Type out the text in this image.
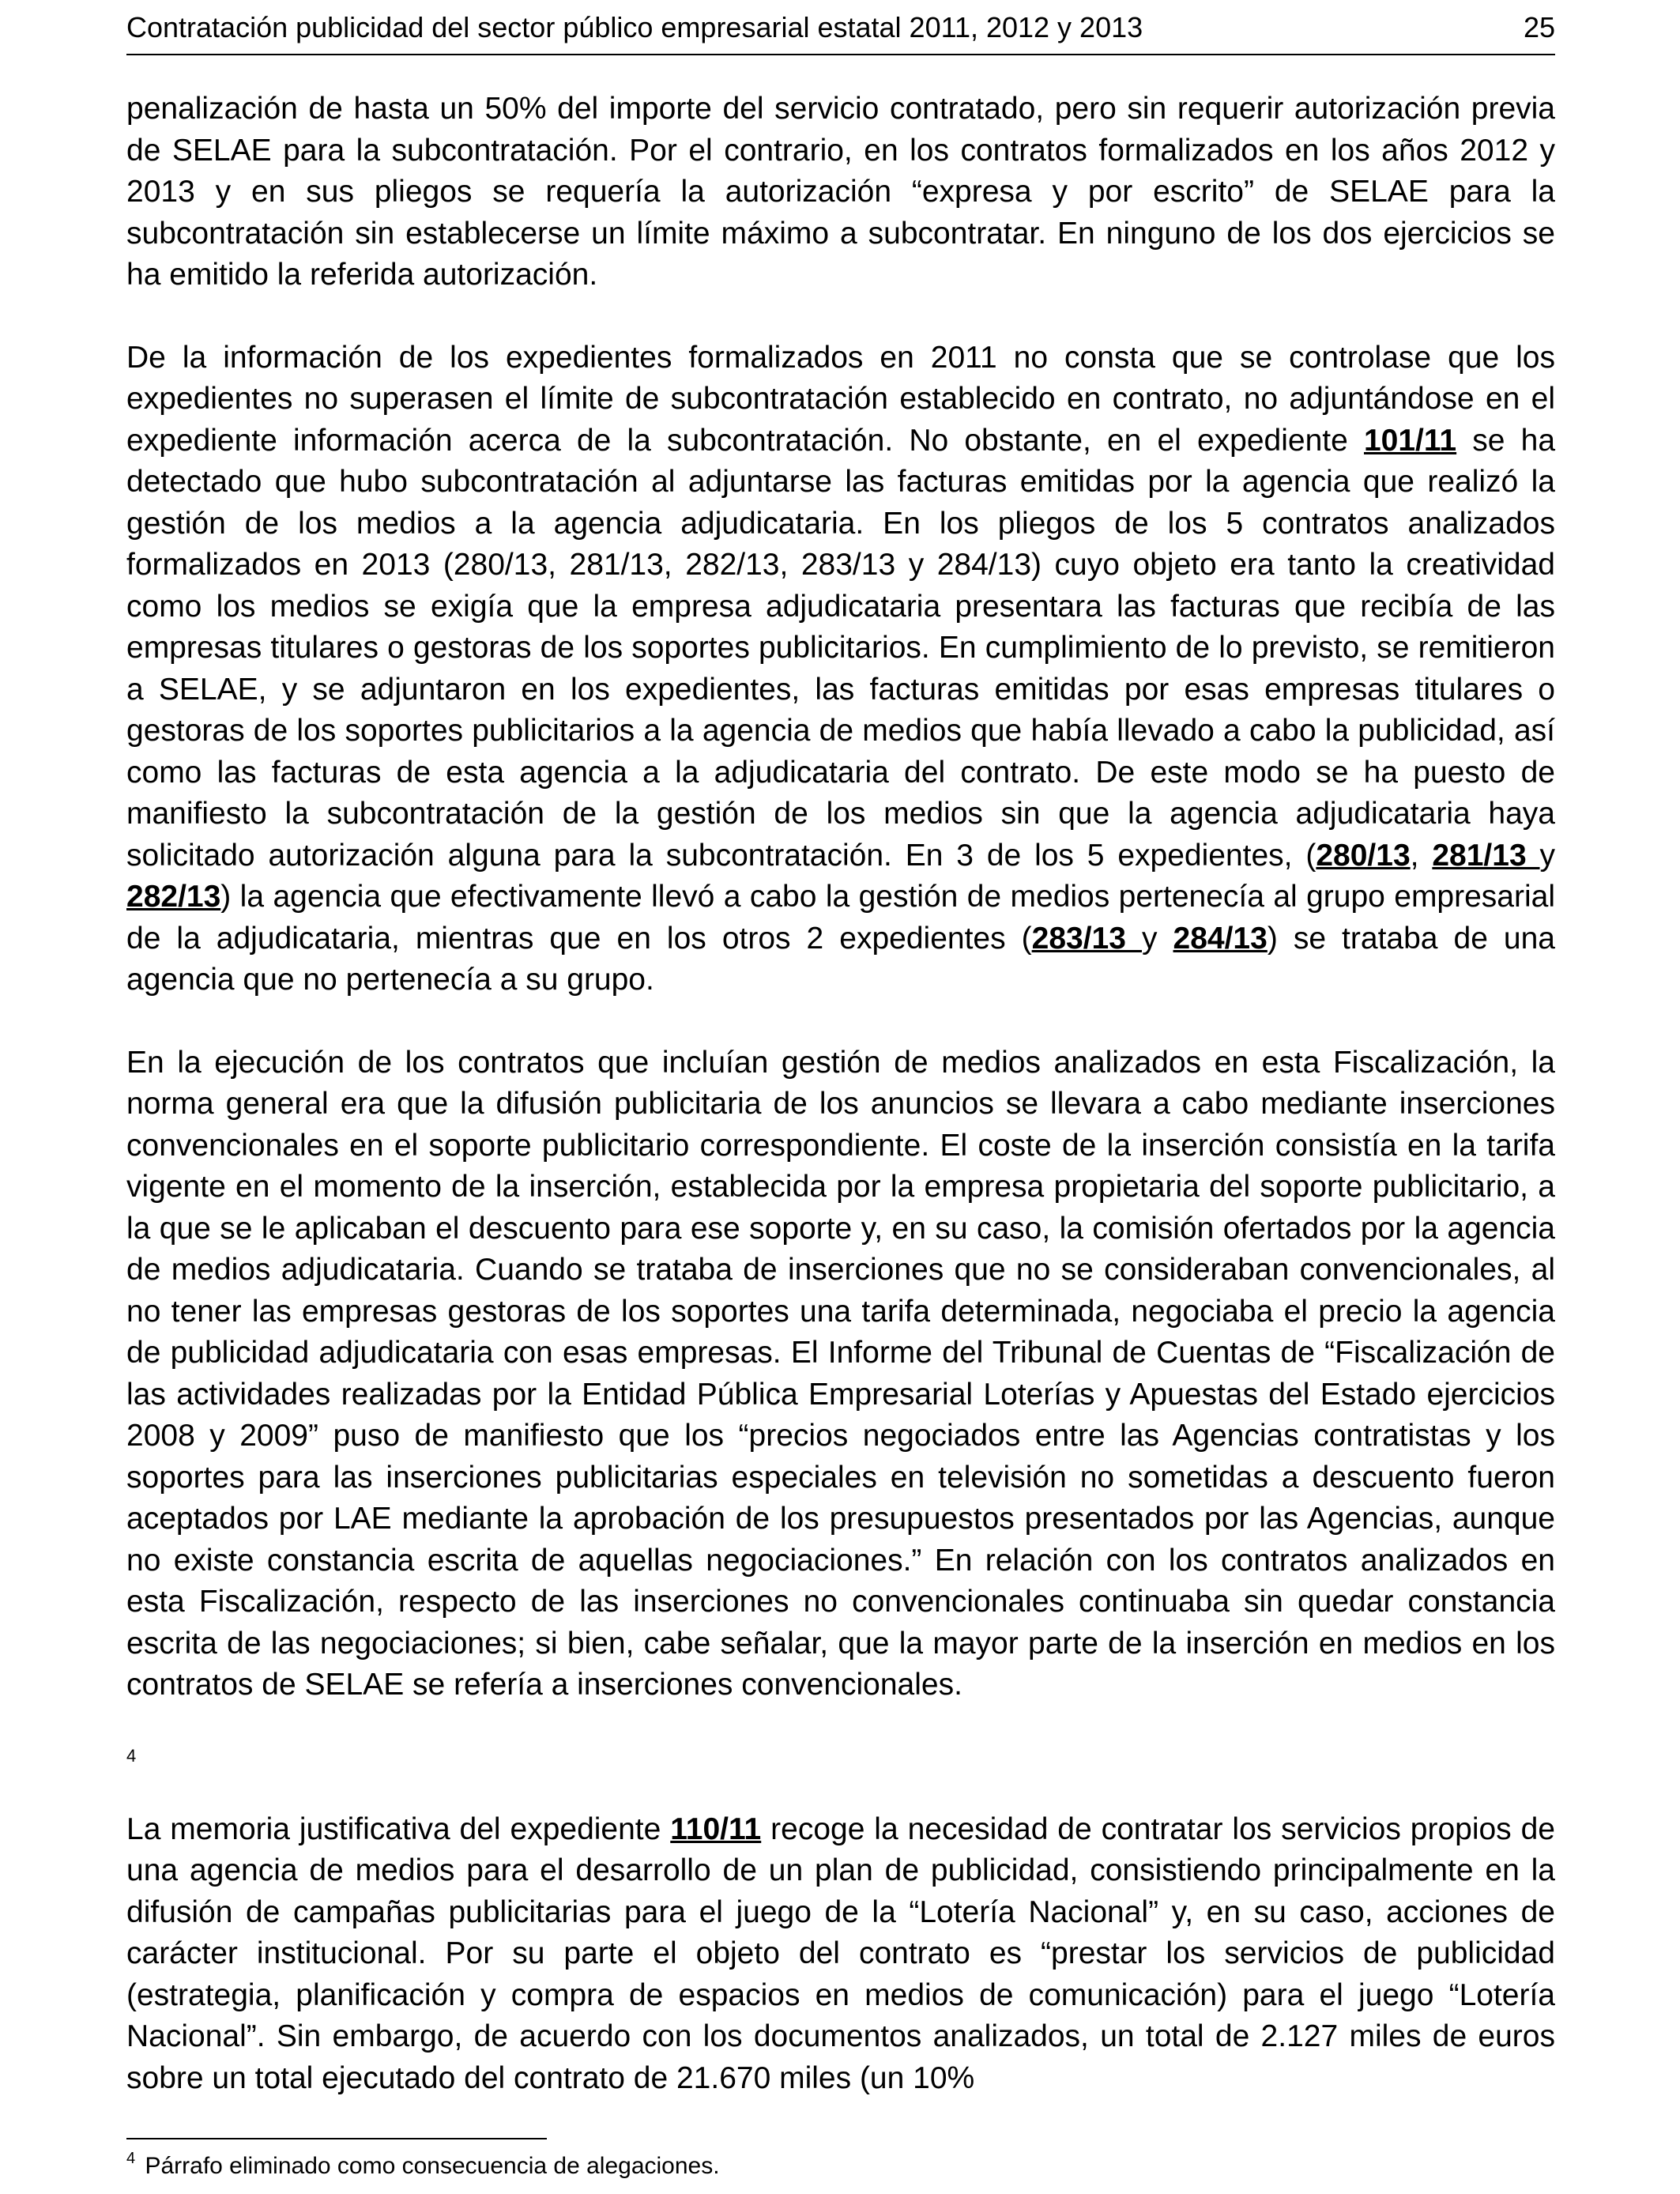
Contratación publicidad del sector público empresarial estatal 2011, 2012 y 2013	25

penalización de hasta un 50% del importe del servicio contratado, pero sin requerir autorización previa de SELAE para la subcontratación. Por el contrario, en los contratos formalizados en los años 2012 y 2013 y en sus pliegos se requería la autorización “expresa y por escrito” de SELAE para la subcontratación sin establecerse un límite máximo a subcontratar. En ninguno de los dos ejercicios se ha emitido la referida autorización.

De la información de los expedientes formalizados en 2011 no consta que se controlase que los expedientes no superasen el límite de subcontratación establecido en contrato, no adjuntándose en el expediente información acerca de la subcontratación. No obstante, en el expediente 101/11 se ha detectado que hubo subcontratación al adjuntarse las facturas emitidas por la agencia que realizó la gestión de los medios a la agencia adjudicataria. En los pliegos de los 5 contratos analizados formalizados en 2013 (280/13, 281/13, 282/13, 283/13 y 284/13) cuyo objeto era tanto la creatividad como los medios se exigía que la empresa adjudicataria presentara las facturas que recibía de las empresas titulares o gestoras de los soportes publicitarios. En cumplimiento de lo previsto, se remitieron a SELAE, y se adjuntaron en los expedientes, las facturas emitidas por esas empresas titulares o gestoras de los soportes publicitarios a la agencia de medios que había llevado a cabo la publicidad, así como las facturas de esta agencia a la adjudicataria del contrato. De este modo se ha puesto de manifiesto la subcontratación de la gestión de los medios sin que la agencia adjudicataria haya solicitado autorización alguna para la subcontratación. En 3 de los 5 expedientes, (280/13, 281/13 y 282/13) la agencia que efectivamente llevó a cabo la gestión de medios pertenecía al grupo empresarial de la adjudicataria, mientras que en los otros 2 expedientes (283/13 y 284/13) se trataba de una agencia que no pertenecía a su grupo.

En la ejecución de los contratos que incluían gestión de medios analizados en esta Fiscalización, la norma general era que la difusión publicitaria de los anuncios se llevara a cabo mediante inserciones convencionales en el soporte publicitario correspondiente. El coste de la inserción consistía en la tarifa vigente en el momento de la inserción, establecida por la empresa propietaria del soporte publicitario, a la que se le aplicaban el descuento para ese soporte y, en su caso, la comisión ofertados por la agencia de medios adjudicataria. Cuando se trataba de inserciones que no se consideraban convencionales, al no tener las empresas gestoras de los soportes una tarifa determinada, negociaba el precio la agencia de publicidad adjudicataria con esas empresas. El Informe del Tribunal de Cuentas de “Fiscalización de las actividades realizadas por la Entidad Pública Empresarial Loterías y Apuestas del Estado ejercicios 2008 y 2009” puso de manifiesto que los “precios negociados entre las Agencias contratistas y los soportes para las inserciones publicitarias especiales en televisión no sometidas a descuento fueron aceptados por LAE mediante la aprobación de los presupuestos presentados por las Agencias, aunque no existe constancia escrita de aquellas negociaciones.” En relación con los contratos analizados en esta Fiscalización, respecto de las inserciones no convencionales continuaba sin quedar constancia escrita de las negociaciones; si bien, cabe señalar, que la mayor parte de la inserción en medios en los contratos de SELAE se refería a inserciones convencionales.

4

La memoria justificativa del expediente 110/11 recoge la necesidad de contratar los servicios propios de una agencia de medios para el desarrollo de un plan de publicidad, consistiendo principalmente en la difusión de campañas publicitarias para el juego de la “Lotería Nacional” y, en su caso, acciones de carácter institucional. Por su parte el objeto del contrato es “prestar los servicios de publicidad (estrategia, planificación y compra de espacios en medios de comunicación) para el juego “Lotería Nacional”. Sin embargo, de acuerdo con los documentos analizados, un total de 2.127 miles de euros sobre un total ejecutado del contrato de 21.670 miles (un 10%

$^4$ Párrafo eliminado como consecuencia de alegaciones.
